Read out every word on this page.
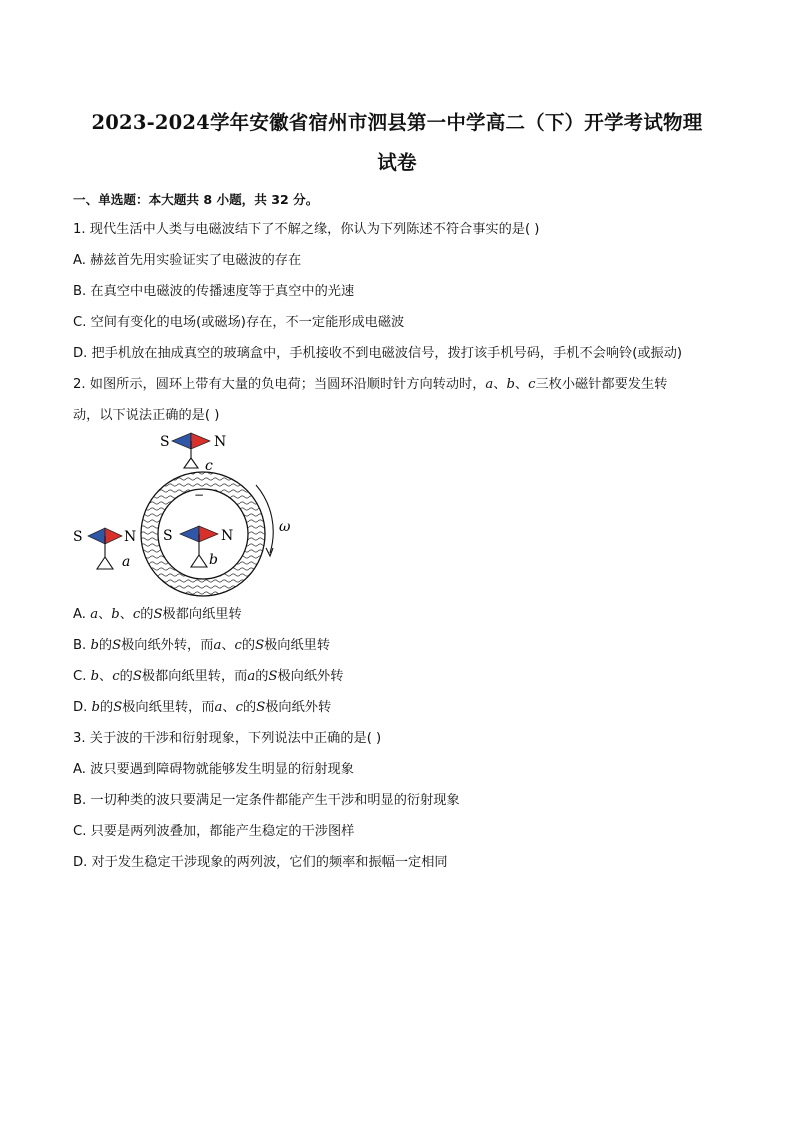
2023-2024学年安徽省宿州市泗县第一中学高二（下）开学考试物理
试卷
一、单选题：本大题共 8 小题，共 32 分。
1. 现代生活中人类与电磁波结下了不解之缘，你认为下列陈述不符合事实的是( )
A. 赫兹首先用实验证实了电磁波的存在
B. 在真空中电磁波的传播速度等于真空中的光速
C. 空间有变化的电场(或磁场)存在，不一定能形成电磁波
D. 把手机放在抽成真空的玻璃盒中，手机接收不到电磁波信号，拨打该手机号码，手机不会响铃(或振动)
2. 如图所示，圆环上带有大量的负电荷；当圆环沿顺时针方向转动时，a、b、c三枚小磁针都要发生转
动，以下说法正确的是( )
−
ω
S	N
c
S	N
a
S	N
b
A. a、b、c的S极都向纸里转
B. b的S极向纸外转，而a、c的S极向纸里转
C. b、c的S极都向纸里转，而a的S极向纸外转
D. b的S极向纸里转，而a、c的S极向纸外转
3. 关于波的干涉和衍射现象，下列说法中正确的是( )
A. 波只要遇到障碍物就能够发生明显的衍射现象
B. 一切种类的波只要满足一定条件都能产生干涉和明显的衍射现象
C. 只要是两列波叠加，都能产生稳定的干涉图样
D. 对于发生稳定干涉现象的两列波，它们的频率和振幅一定相同
